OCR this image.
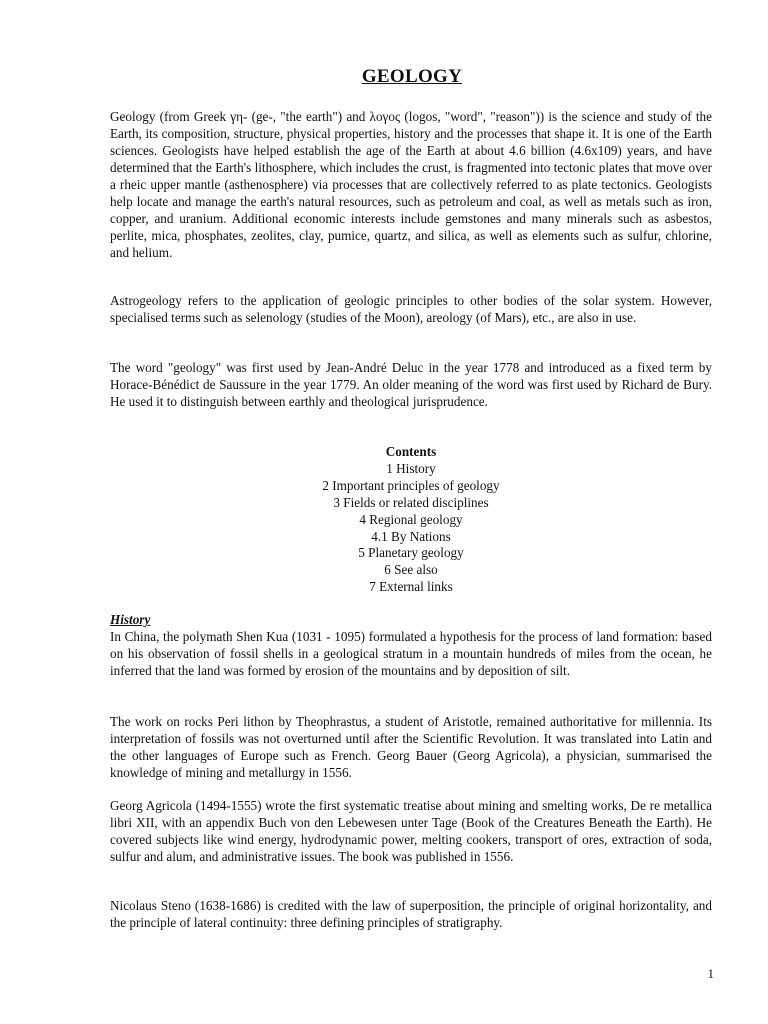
GEOLOGY
Geology (from Greek γη- (ge-, "the earth") and λογος (logos, "word", "reason")) is the science and study of the Earth, its composition, structure, physical properties, history and the processes that shape it. It is one of the Earth sciences. Geologists have helped establish the age of the Earth at about 4.6 billion (4.6x109) years, and have determined that the Earth's lithosphere, which includes the crust, is fragmented into tectonic plates that move over a rheic upper mantle (asthenosphere) via processes that are collectively referred to as plate tectonics. Geologists help locate and manage the earth's natural resources, such as petroleum and coal, as well as metals such as iron, copper, and uranium. Additional economic interests include gemstones and many minerals such as asbestos, perlite, mica, phosphates, zeolites, clay, pumice, quartz, and silica, as well as elements such as sulfur, chlorine, and helium.
Astrogeology refers to the application of geologic principles to other bodies of the solar system. However, specialised terms such as selenology (studies of the Moon), areology (of Mars), etc., are also in use.
The word "geology" was first used by Jean-André Deluc in the year 1778 and introduced as a fixed term by Horace-Bénédict de Saussure in the year 1779. An older meaning of the word was first used by Richard de Bury. He used it to distinguish between earthly and theological jurisprudence.
Contents
1 History
2 Important principles of geology
3 Fields or related disciplines
4 Regional geology
4.1 By Nations
5 Planetary geology
6 See also
7 External links
History
In China, the polymath Shen Kua (1031 - 1095) formulated a hypothesis for the process of land formation: based on his observation of fossil shells in a geological stratum in a mountain hundreds of miles from the ocean, he inferred that the land was formed by erosion of the mountains and by deposition of silt.
The work on rocks Peri lithon by Theophrastus, a student of Aristotle, remained authoritative for millennia. Its interpretation of fossils was not overturned until after the Scientific Revolution. It was translated into Latin and the other languages of Europe such as French. Georg Bauer (Georg Agricola), a physician, summarised the knowledge of mining and metallurgy in 1556.
Georg Agricola (1494-1555) wrote the first systematic treatise about mining and smelting works, De re metallica libri XII, with an appendix Buch von den Lebewesen unter Tage (Book of the Creatures Beneath the Earth). He covered subjects like wind energy, hydrodynamic power, melting cookers, transport of ores, extraction of soda, sulfur and alum, and administrative issues. The book was published in 1556.
Nicolaus Steno (1638-1686) is credited with the law of superposition, the principle of original horizontality, and the principle of lateral continuity: three defining principles of stratigraphy.
1
